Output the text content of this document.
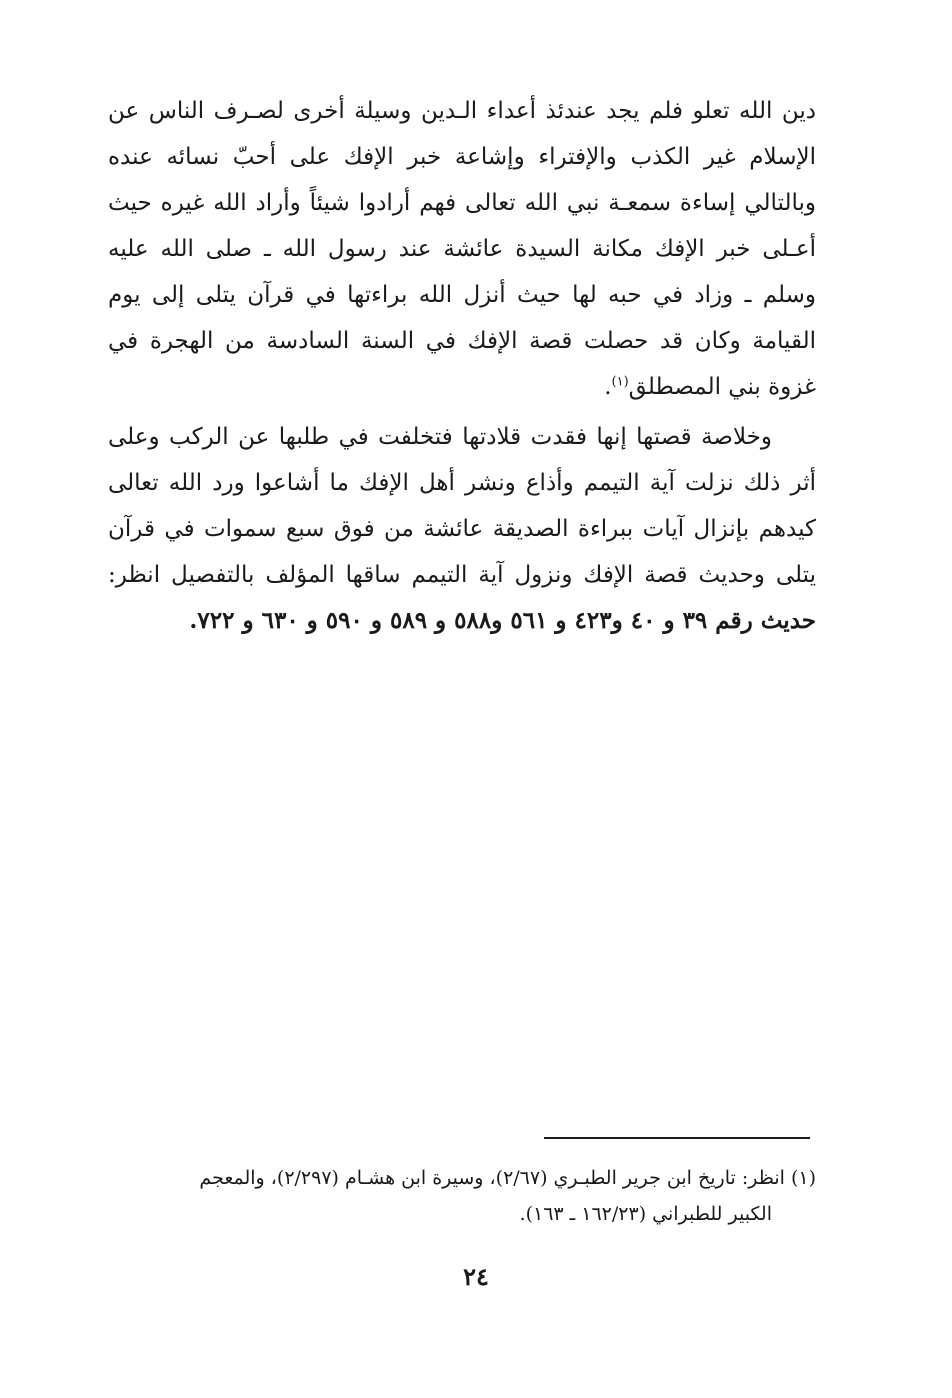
دين الله تعلو فلم يجد عندئذ أعداء الـدين وسيلة أخرى لصـرف الناس عن الإسلام غير الكذب والإفتراء وإشاعة خبر الإفك على أحبّ نسائه عنده وبالتالي إساءة سمعـة نبي الله تعالى فهم أرادوا شيئاً وأراد الله غيره حيث أعـلى خبر الإفك مكانة السيدة عائشة عند رسول الله ـ صلى الله عليه وسلم ـ وزاد في حبه لها حيث أنزل الله براءتها في قرآن يتلى إلى يوم القيامة وكان قد حصلت قصة الإفك في السنة السادسة من الهجرة في غزوة بني المصطلق$^{(١)}$.

وخلاصة قصتها إنها فقدت قلادتها فتخلفت في طلبها عن الركب وعلى أثر ذلك نزلت آية التيمم وأذاع ونشر أهل الإفك ما أشاعوا ورد الله تعالى كيدهم بإنزال آيات ببراءة الصديقة عائشة من فوق سبع سموات في قرآن يتلى وحديث قصة الإفك ونزول آية التيمم ساقها المؤلف بالتفصيل انظر: حديث رقم ٣٩ و ٤٠ و٤٢٣ و ٥٦١ و٥٨٨ و ٥٨٩ و ٥٩٠ و ٦٣٠ و ٧٢٢.

(١) انظر: تاريخ ابن جرير الطبـري (٢/٦٧)، وسيرة ابن هشـام (٢/٢٩٧)، والمعجم
الكبير للطبراني (١٦٢/٢٣ ـ ١٦٣).

٢٤
